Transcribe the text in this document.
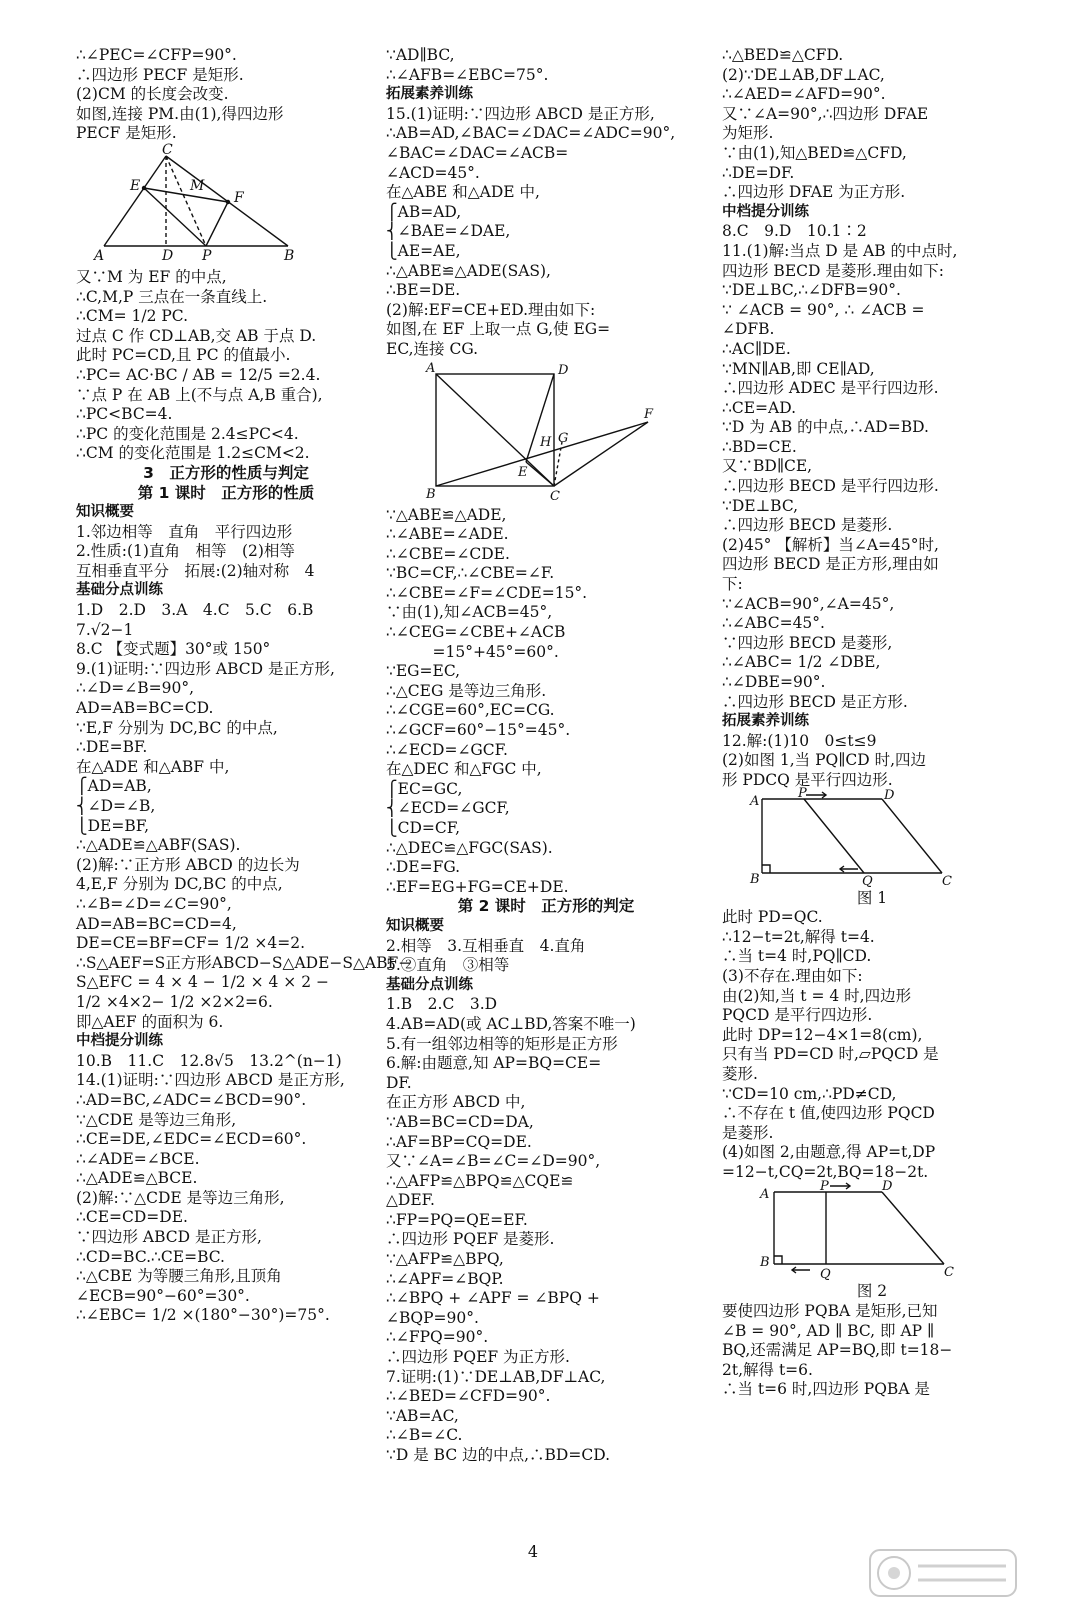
∴∠PEC=∠CFP=90°.
∴四边形 PECF 是矩形.
(2)CM 的长度会改变.
如图,连接 PM.由(1),得四边形
PECF 是矩形.
C
E	M
F
A	D P	B
又∵M 为 EF 的中点,
∴C,M,P 三点在一条直线上.
∴CM= 1/2 PC.
过点 C 作 CD⊥AB,交 AB 于点 D.
此时 PC=CD,且 PC 的值最小.
∴PC= AC·BC / AB = 12/5 =2.4.
∵点 P 在 AB 上(不与点 A,B 重合),
∴PC<BC=4.
∴PC 的变化范围是 2.4≤PC<4.
∴CM 的变化范围是 1.2≤CM<2.
3　正方形的性质与判定
第 1 课时　正方形的性质
知识概要
1.邻边相等　直角　平行四边形
2.性质:(1)直角　相等　(2)相等
互相垂直平分　拓展:(2)轴对称　4
基础分点训练
1.D　2.D　3.A　4.C　5.C　6.B
7.√2−1
8.C 【变式题】30°或 150°
9.(1)证明:∵四边形 ABCD 是正方形,
∴∠D=∠B=90°,
AD=AB=BC=CD.
∵E,F 分别为 DC,BC 的中点,
∴DE=BF.
在△ADE 和△ABF 中,
⎧AD=AB,
⎨∠D=∠B,
⎩DE=BF,
∴△ADE≌△ABF(SAS).
(2)解:∵正方形 ABCD 的边长为
4,E,F 分别为 DC,BC 的中点,
∴∠B=∠D=∠C=90°,
AD=AB=BC=CD=4,
DE=CE=BF=CF= 1/2 ×4=2.
∴S△AEF=S正方形ABCD−S△ADE−S△ABF−
S△EFC = 4 × 4 − 1/2 × 4 × 2 −
1/2 ×4×2− 1/2 ×2×2=6.
即△AEF 的面积为 6.
中档提分训练
10.B　11.C　12.8√5　13.2^(n−1)
14.(1)证明:∵四边形 ABCD 是正方形,
∴AD=BC,∠ADC=∠BCD=90°.
∵△CDE 是等边三角形,
∴CE=DE,∠EDC=∠ECD=60°.
∴∠ADE=∠BCE.
∴△ADE≌△BCE.
(2)解:∵△CDE 是等边三角形,
∴CE=CD=DE.
∵四边形 ABCD 是正方形,
∴CD=BC.∴CE=BC.
∴△CBE 为等腰三角形,且顶角
∠ECB=90°−60°=30°.
∴∠EBC= 1/2 ×(180°−30°)=75°.
∵AD∥BC,
∴∠AFB=∠EBC=75°.
拓展素养训练
15.(1)证明:∵四边形 ABCD 是正方形,
∴AB=AD,∠BAC=∠DAC=∠ADC=90°,
∠BAC=∠DAC=∠ACB=
∠ACD=45°.
在△ABE 和△ADE 中,
⎧AB=AD,
⎨∠BAE=∠DAE,
⎩AE=AE,
∴△ABE≌△ADE(SAS),
∴BE=DE.
(2)解:EF=CE+ED.理由如下:
如图,在 EF 上取一点 G,使 EG=
EC,连接 CG.
A	D
F
H G
E
B	C
∵△ABE≌△ADE,
∴∠ABE=∠ADE.
∴∠CBE=∠CDE.
∵BC=CF,∴∠CBE=∠F.
∴∠CBE=∠F=∠CDE=15°.
∵由(1),知∠ACB=45°,
∴∠CEG=∠CBE+∠ACB
　　　=15°+45°=60°.
∵EG=EC,
∴△CEG 是等边三角形.
∴∠CGE=60°,EC=CG.
∴∠GCF=60°−15°=45°.
∴∠ECD=∠GCF.
在△DEC 和△FGC 中,
⎧EC=GC,
⎨∠ECD=∠GCF,
⎩CD=CF,
∴△DEC≌△FGC(SAS).
∴DE=FG.
∴EF=EG+FG=CE+DE.
第 2 课时　正方形的判定
知识概要
2.相等　3.互相垂直　4.直角
5.②直角　③相等
基础分点训练
1.B　2.C　3.D
4.AB=AD(或 AC⊥BD,答案不唯一)
5.有一组邻边相等的矩形是正方形
6.解:由题意,知 AP=BQ=CE=
DF.
在正方形 ABCD 中,
∵AB=BC=CD=DA,
∴AF=BP=CQ=DE.
又∵∠A=∠B=∠C=∠D=90°,
∴△AFP≌△BPQ≌△CQE≌
△DEF.
∴FP=PQ=QE=EF.
∴四边形 PQEF 是菱形.
∵△AFP≌△BPQ,
∴∠APF=∠BQP.
∴∠BPQ + ∠APF = ∠BPQ +
∠BQP=90°.
∴∠FPQ=90°.
∴四边形 PQEF 为正方形.
7.证明:(1)∵DE⊥AB,DF⊥AC,
∴∠BED=∠CFD=90°.
∵AB=AC,
∴∠B=∠C.
∵D 是 BC 边的中点,∴BD=CD.
∴△BED≌△CFD.
(2)∵DE⊥AB,DF⊥AC,
∴∠AED=∠AFD=90°.
又∵∠A=90°,∴四边形 DFAE
为矩形.
∵由(1),知△BED≌△CFD,
∴DE=DF.
∴四边形 DFAE 为正方形.
中档提分训练
8.C　9.D　10.1∶2
11.(1)解:当点 D 是 AB 的中点时,
四边形 BECD 是菱形.理由如下:
∵DE⊥BC,∴∠DFB=90°.
∵ ∠ACB = 90°, ∴ ∠ACB =
∠DFB.
∴AC∥DE.
∵MN∥AB,即 CE∥AD,
∴四边形 ADEC 是平行四边形.
∴CE=AD.
∵D 为 AB 的中点,∴AD=BD.
∴BD=CE.
又∵BD∥CE,
∴四边形 BECD 是平行四边形.
∵DE⊥BC,
∴四边形 BECD 是菱形.
(2)45° 【解析】当∠A=45°时,
四边形 BECD 是正方形,理由如
下:
∵∠ACB=90°,∠A=45°,
∴∠ABC=45°.
∵四边形 BECD 是菱形,
∴∠ABC= 1/2 ∠DBE,
∴∠DBE=90°.
∴四边形 BECD 是正方形.
拓展素养训练
12.解:(1)10　0≤t≤9
(2)如图 1,当 PQ∥CD 时,四边
形 PDCQ 是平行四边形.
A
P	D
B	Q	C
图 1
此时 PD=QC.
∴12−t=2t,解得 t=4.
∴当 t=4 时,PQ∥CD.
(3)不存在.理由如下:
由(2)知,当 t = 4 时,四边形
PQCD 是平行四边形.
此时 DP=12−4×1=8(cm),
只有当 PD=CD 时,▱PQCD 是
菱形.
∵CD=10 cm,∴PD≠CD,
∴不存在 t 值,使四边形 PQCD
是菱形.
(4)如图 2,由题意,得 AP=t,DP
=12−t,CQ=2t,BQ=18−2t.
P	D
A
B
Q	C
图 2
要使四边形 PQBA 是矩形,已知
∠B = 90°, AD ∥ BC, 即 AP ∥
BQ,还需满足 AP=BQ,即 t=18−
2t,解得 t=6.
∴当 t=6 时,四边形 PQBA 是
4
